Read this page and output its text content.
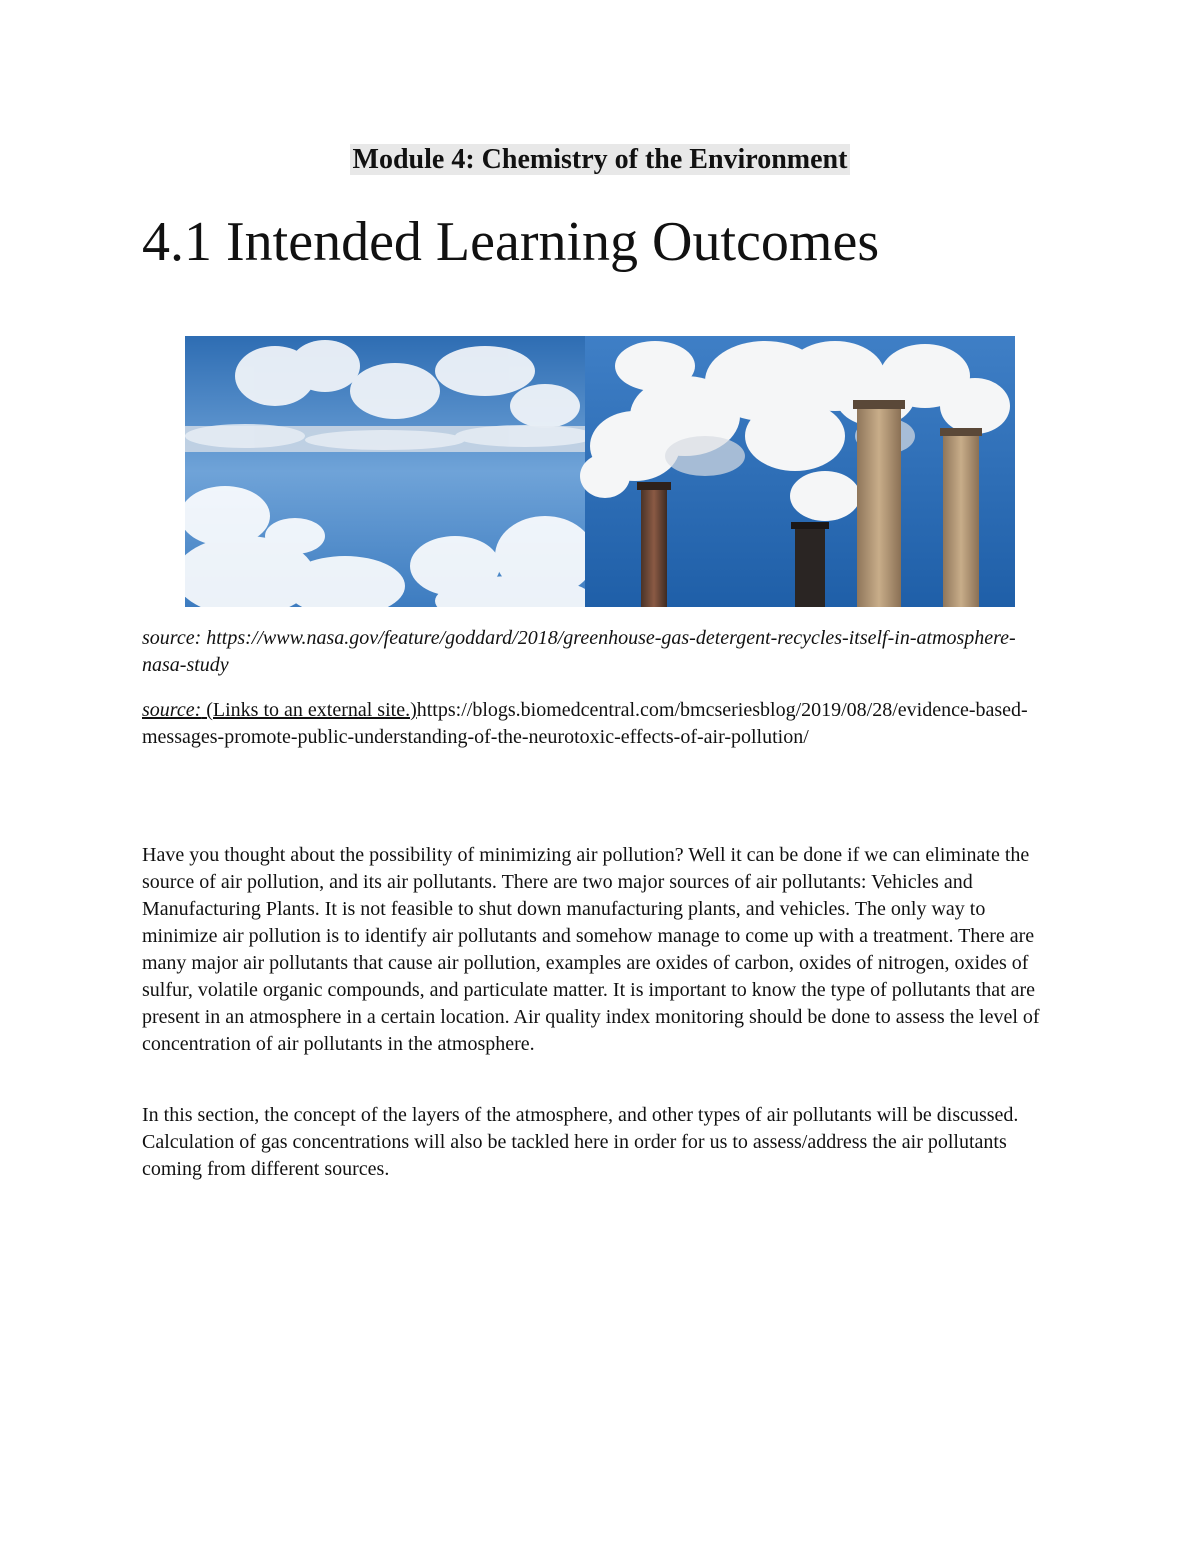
Module 4: Chemistry of the Environment
4.1 Intended Learning Outcomes
source: https://www.nasa.gov/feature/goddard/2018/greenhouse-gas-detergent-recycles-itself-in-atmosphere-nasa-study
source: (Links to an external site.)https://blogs.biomedcentral.com/bmcseriesblog/2019/08/28/evidence-based-messages-promote-public-understanding-of-the-neurotoxic-effects-of-air-pollution/

Have you thought about the possibility of minimizing air pollution? Well it can be done if we can eliminate the source of air pollution, and its air pollutants. There are two major sources of air pollutants: Vehicles and Manufacturing Plants. It is not feasible to shut down manufacturing plants, and vehicles. The only way to minimize air pollution is to identify air pollutants and somehow manage to come up with a treatment. There are many major air pollutants that cause air pollution, examples are oxides of carbon, oxides of nitrogen, oxides of sulfur, volatile organic compounds, and particulate matter. It is important to know the type of pollutants that are present in an atmosphere in a certain location. Air quality index monitoring should be done to assess the level of concentration of air pollutants in the atmosphere.

In this section, the concept of the layers of the atmosphere, and other types of air pollutants will be discussed. Calculation of gas concentrations will also be tackled here in order for us to assess/address the air pollutants coming from different sources.
